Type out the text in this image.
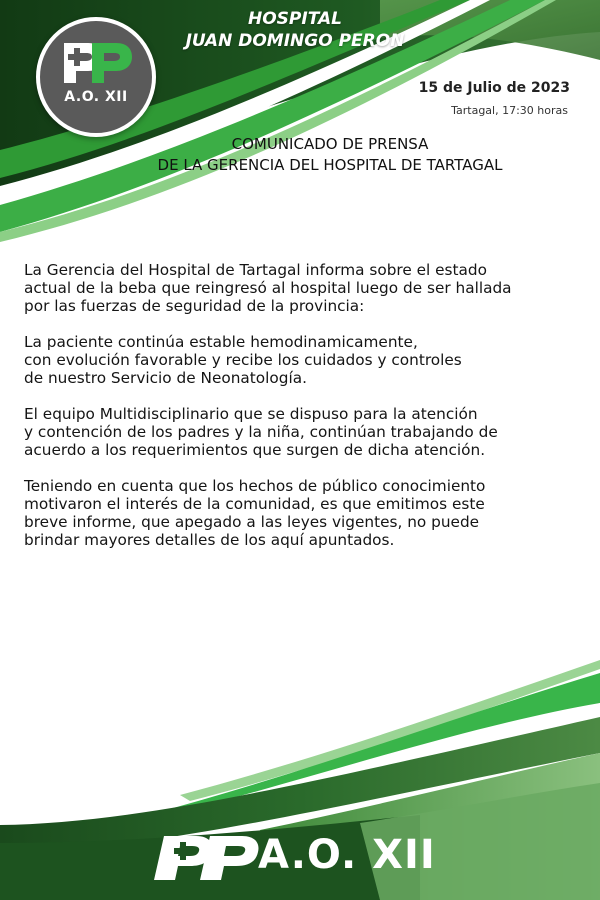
HOSPITAL
JUAN DOMINGO PERON
A.O. XII
15 de Julio de 2023
Tartagal, 17:30 horas
COMUNICADO DE PRENSA
DE LA GERENCIA DEL HOSPITAL DE TARTAGAL

La Gerencia del Hospital de Tartagal informa sobre el estado
actual de la beba que reingresó al hospital luego de ser hallada
por las fuerzas de seguridad de la provincia:

La paciente continúa estable hemodinamicamente,
con evolución favorable y recibe los cuidados y controles
de nuestro Servicio de Neonatología.

El equipo Multidisciplinario que se dispuso para la atención
y contención de los padres y la niña, continúan trabajando de
acuerdo a los requerimientos que surgen de dicha atención.

Teniendo en cuenta que los hechos de público conocimiento
motivaron el interés de la comunidad, es que emitimos este
breve informe, que apegado a las leyes vigentes, no puede
brindar mayores detalles de los aquí apuntados.

A.O. XII
